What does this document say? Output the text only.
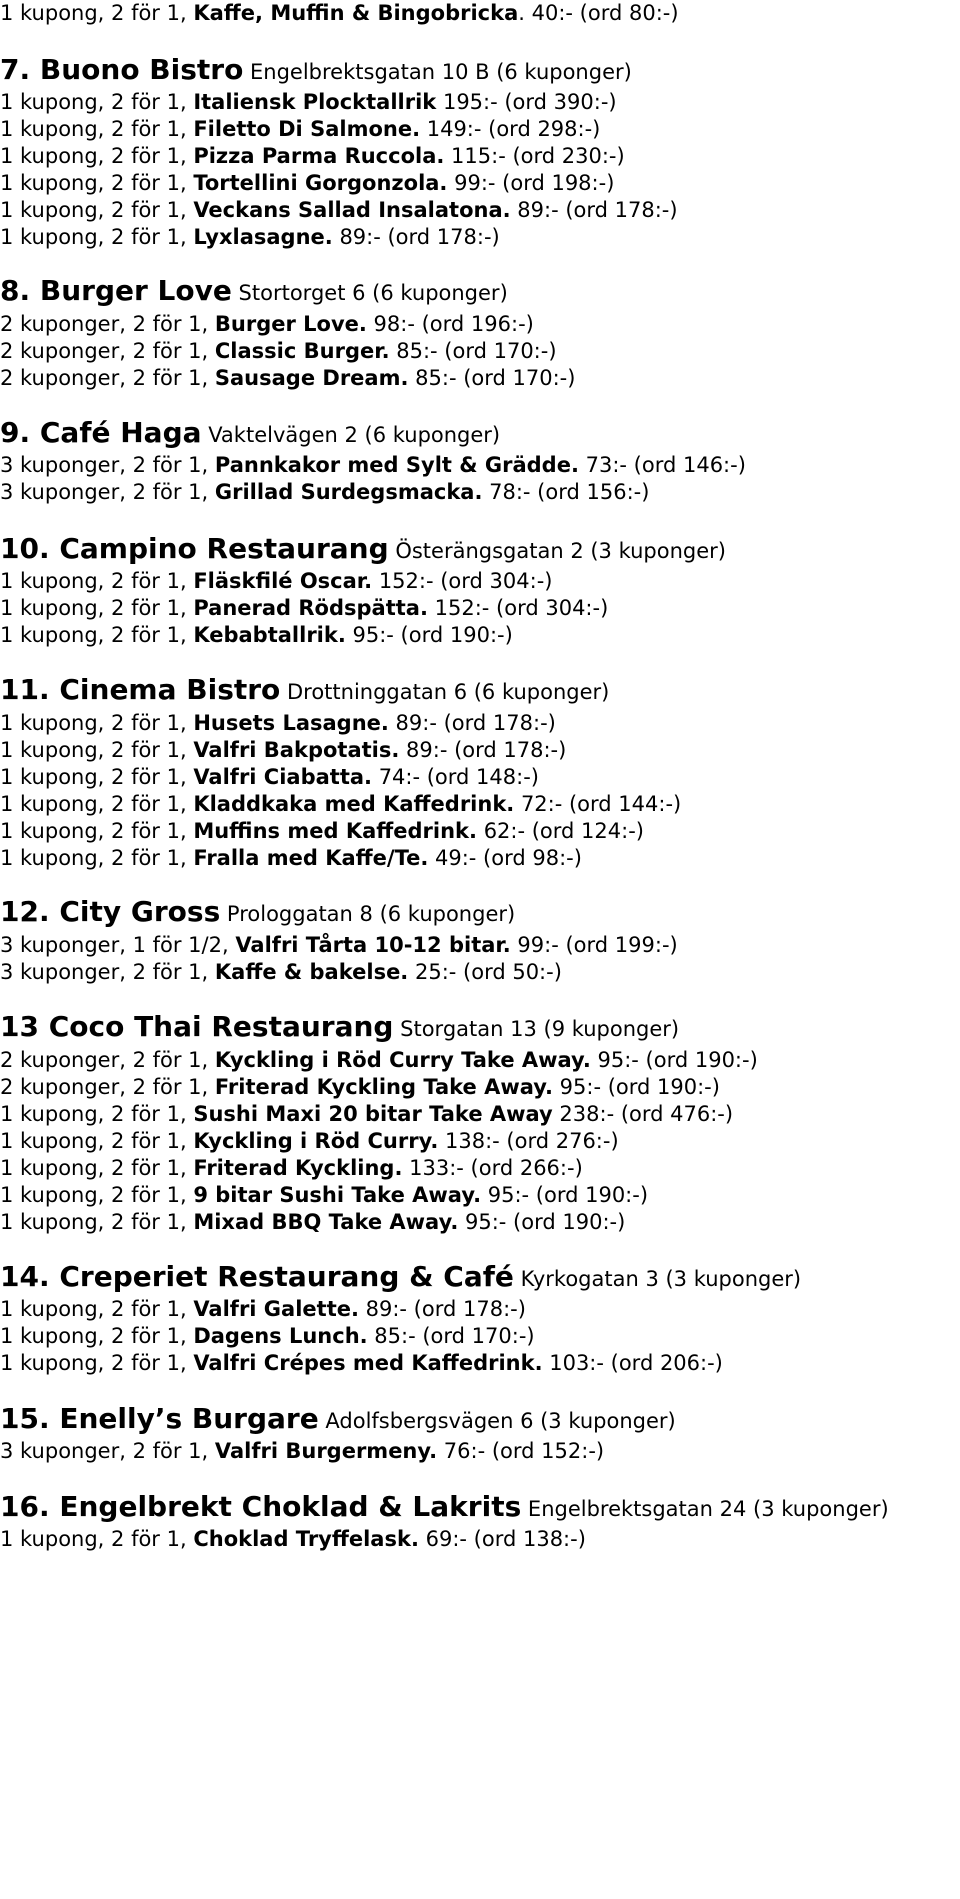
1 kupong, 2 för 1, Kaffe, Muffin & Bingobricka. 40:- (ord 80:-)
7. Buono Bistro Engelbrektsgatan 10 B (6 kuponger)
1 kupong, 2 för 1, Italiensk Plocktallrik 195:- (ord 390:-)
1 kupong, 2 för 1, Filetto Di Salmone. 149:- (ord 298:-)
1 kupong, 2 för 1, Pizza Parma Ruccola. 115:- (ord 230:-)
1 kupong, 2 för 1, Tortellini Gorgonzola. 99:- (ord 198:-)
1 kupong, 2 för 1, Veckans Sallad Insalatona. 89:- (ord 178:-)
1 kupong, 2 för 1, Lyxlasagne. 89:- (ord 178:-)
8. Burger Love Stortorget 6 (6 kuponger)
2 kuponger, 2 för 1, Burger Love. 98:- (ord 196:-)
2 kuponger, 2 för 1, Classic Burger. 85:- (ord 170:-)
2 kuponger, 2 för 1, Sausage Dream. 85:- (ord 170:-)
9. Café Haga Vaktelvägen 2 (6 kuponger)
3 kuponger, 2 för 1, Pannkakor med Sylt & Grädde. 73:- (ord 146:-)
3 kuponger, 2 för 1, Grillad Surdegsmacka. 78:- (ord 156:-)
10. Campino Restaurang Österängsgatan 2 (3 kuponger)
1 kupong, 2 för 1, Fläskfilé Oscar. 152:- (ord 304:-)
1 kupong, 2 för 1, Panerad Rödspätta. 152:- (ord 304:-)
1 kupong, 2 för 1, Kebabtallrik. 95:- (ord 190:-)
11. Cinema Bistro Drottninggatan 6 (6 kuponger)
1 kupong, 2 för 1, Husets Lasagne. 89:- (ord 178:-)
1 kupong, 2 för 1, Valfri Bakpotatis. 89:- (ord 178:-)
1 kupong, 2 för 1, Valfri Ciabatta. 74:- (ord 148:-)
1 kupong, 2 för 1, Kladdkaka med Kaffedrink. 72:- (ord 144:-)
1 kupong, 2 för 1, Muffins med Kaffedrink. 62:- (ord 124:-)
1 kupong, 2 för 1, Fralla med Kaffe/Te. 49:- (ord 98:-)
12. City Gross Prologgatan 8 (6 kuponger)
3 kuponger, 1 för 1/2, Valfri Tårta 10-12 bitar. 99:- (ord 199:-)
3 kuponger, 2 för 1, Kaffe & bakelse. 25:- (ord 50:-)
13 Coco Thai Restaurang Storgatan 13 (9 kuponger)
2 kuponger, 2 för 1, Kyckling i Röd Curry Take Away. 95:- (ord 190:-)
2 kuponger, 2 för 1, Friterad Kyckling Take Away. 95:- (ord 190:-)
1 kupong, 2 för 1, Sushi Maxi 20 bitar Take Away 238:- (ord 476:-)
1 kupong, 2 för 1, Kyckling i Röd Curry. 138:- (ord 276:-)
1 kupong, 2 för 1, Friterad Kyckling. 133:- (ord 266:-)
1 kupong, 2 för 1, 9 bitar Sushi Take Away. 95:- (ord 190:-)
1 kupong, 2 för 1, Mixad BBQ Take Away. 95:- (ord 190:-)
14. Creperiet Restaurang & Café Kyrkogatan 3 (3 kuponger)
1 kupong, 2 för 1, Valfri Galette. 89:- (ord 178:-)
1 kupong, 2 för 1, Dagens Lunch. 85:- (ord 170:-)
1 kupong, 2 för 1, Valfri Crépes med Kaffedrink. 103:- (ord 206:-)
15. Enelly’s Burgare Adolfsbergsvägen 6 (3 kuponger)
3 kuponger, 2 för 1, Valfri Burgermeny. 76:- (ord 152:-)
16. Engelbrekt Choklad & Lakrits Engelbrektsgatan 24 (3 kuponger)
1 kupong, 2 för 1, Choklad Tryffelask. 69:- (ord 138:-)
